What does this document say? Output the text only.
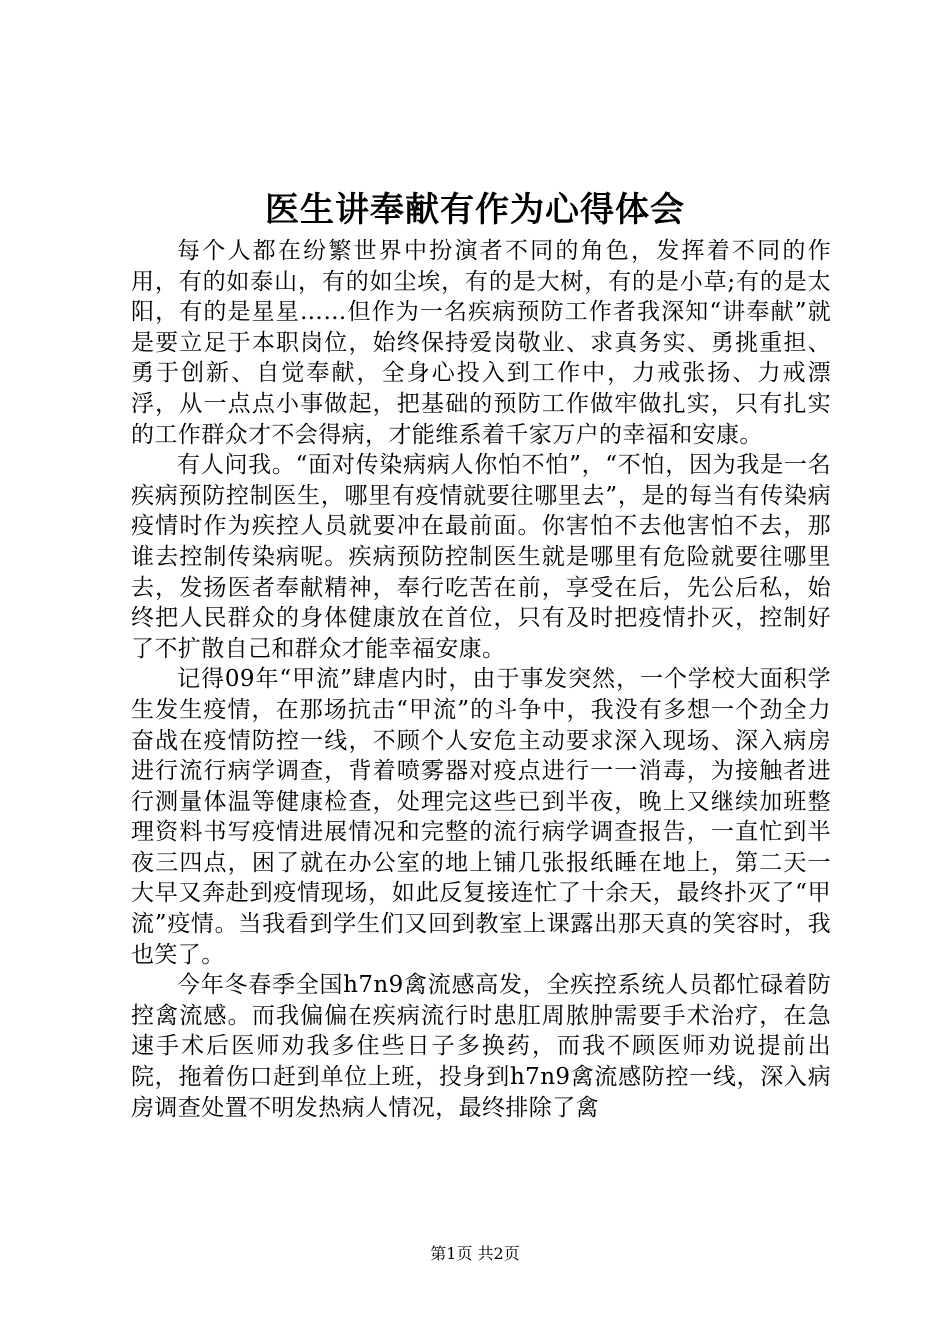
医生讲奉献有作为心得体会

每个人都在纷繁世界中扮演者不同的角色，发挥着不同的作用，有的如泰山，有的如尘埃，有的是大树，有的是小草;有的是太阳，有的是星星……但作为一名疾病预防工作者我深知“讲奉献”就是要立足于本职岗位，始终保持爱岗敬业、求真务实、勇挑重担、勇于创新、自觉奉献，全身心投入到工作中，力戒张扬、力戒漂浮，从一点点小事做起，把基础的预防工作做牢做扎实，只有扎实的工作群众才不会得病，才能维系着千家万户的幸福和安康。

有人问我。“面对传染病病人你怕不怕”，“不怕，因为我是一名疾病预防控制医生，哪里有疫情就要往哪里去”，是的每当有传染病疫情时作为疾控人员就要冲在最前面。你害怕不去他害怕不去，那谁去控制传染病呢。疾病预防控制医生就是哪里有危险就要往哪里去，发扬医者奉献精神，奉行吃苦在前，享受在后，先公后私，始终把人民群众的身体健康放在首位，只有及时把疫情扑灭，控制好了不扩散自己和群众才能幸福安康。

记得09年“甲流”肆虐内时，由于事发突然，一个学校大面积学生发生疫情，在那场抗击“甲流”的斗争中，我没有多想一个劲全力奋战在疫情防控一线，不顾个人安危主动要求深入现场、深入病房进行流行病学调查，背着喷雾器对疫点进行一一消毒，为接触者进行测量体温等健康检查，处理完这些已到半夜，晚上又继续加班整理资料书写疫情进展情况和完整的流行病学调查报告，一直忙到半夜三四点，困了就在办公室的地上铺几张报纸睡在地上，第二天一大早又奔赴到疫情现场，如此反复接连忙了十余天，最终扑灭了“甲流”疫情。当我看到学生们又回到教室上课露出那天真的笑容时，我也笑了。

今年冬春季全国h7n9禽流感高发，全疾控系统人员都忙碌着防控禽流感。而我偏偏在疾病流行时患肛周脓肿需要手术治疗，在急速手术后医师劝我多住些日子多换药，而我不顾医师劝说提前出院，拖着伤口赶到单位上班，投身到h7n9禽流感防控一线，深入病房调查处置不明发热病人情况，最终排除了禽

第1页 共2页
